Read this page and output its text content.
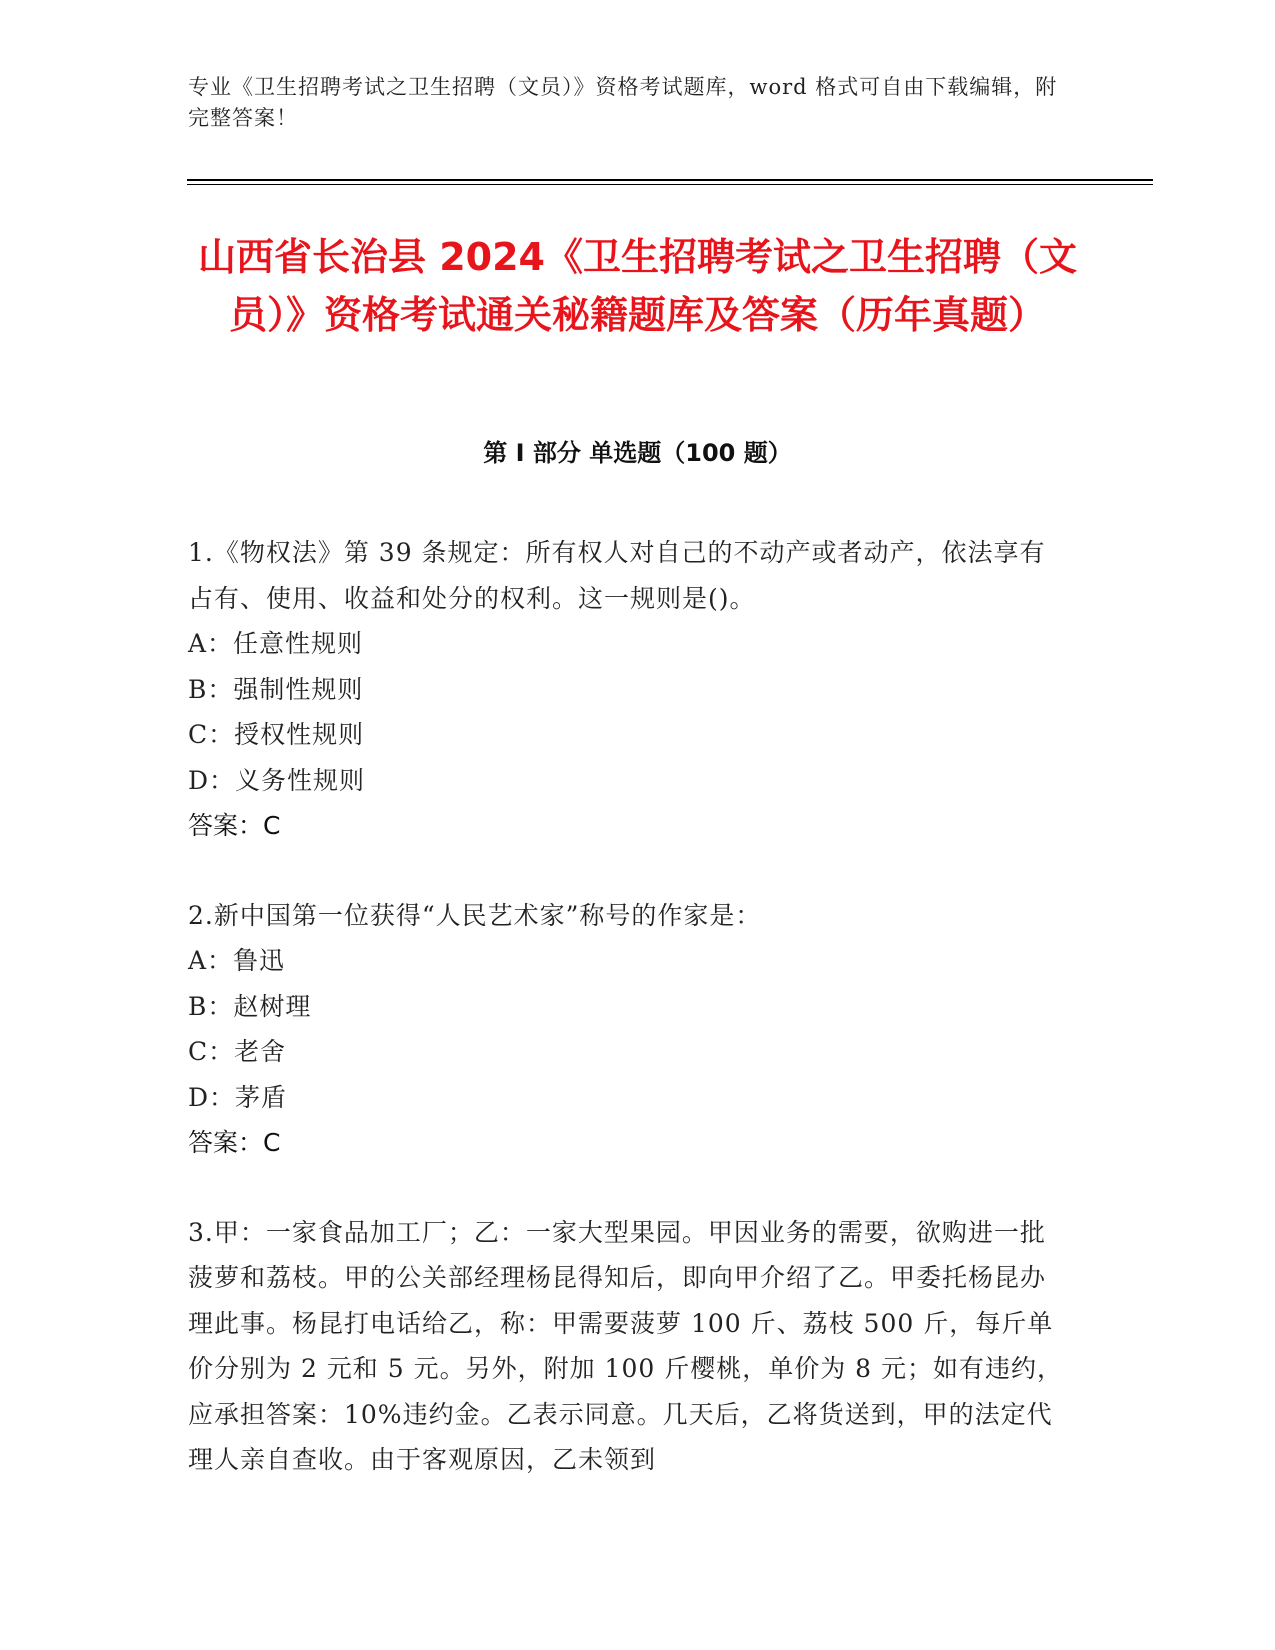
专业《卫生招聘考试之卫生招聘（文员）》资格考试题库，word 格式可自由下载编辑，附完整答案！
山西省长治县 2024《卫生招聘考试之卫生招聘（文员）》资格考试通关秘籍题库及答案（历年真题）
第 I 部分 单选题（100 题）

1.《物权法》第 39 条规定：所有权人对自己的不动产或者动产，依法享有占有、使用、收益和处分的权利。这一规则是()。

A：任意性规则

B：强制性规则

C：授权性规则

D：义务性规则

答案：C

2.新中国第一位获得“人民艺术家”称号的作家是：

A：鲁迅

B：赵树理

C：老舍

D：茅盾

答案：C

3.甲：一家食品加工厂；乙：一家大型果园。甲因业务的需要，欲购进一批菠萝和荔枝。甲的公关部经理杨昆得知后，即向甲介绍了乙。甲委托杨昆办理此事。杨昆打电话给乙，称：甲需要菠萝 100 斤、荔枝 500 斤，每斤单价分别为 2 元和 5 元。另外，附加 100 斤樱桃，单价为 8 元；如有违约，应承担答案：10%违约金。乙表示同意。几天后，乙将货送到，甲的法定代理人亲自查收。由于客观原因，乙未领到
